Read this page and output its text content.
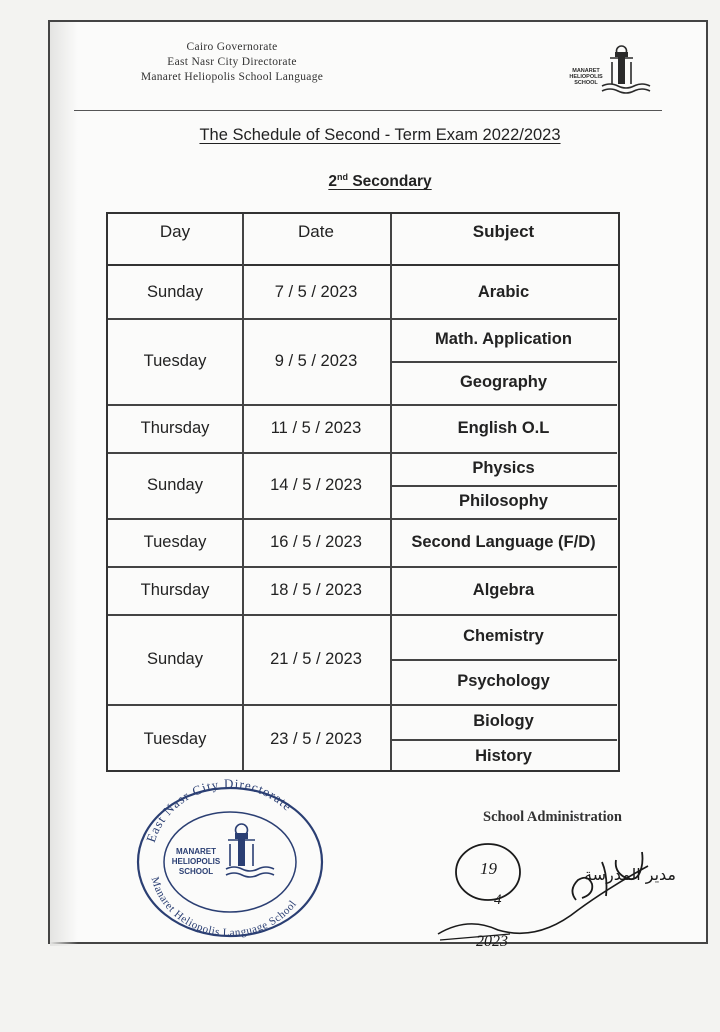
Cairo Governorate
East Nasr City Directorate
Manaret Heliopolis School Language	MANARET
HELIOPOLIS
SCHOOL
The Schedule of Second - Term Exam 2022/2023
2nd Secondary
Day	Date	Subject
Sunday	7 / 5 / 2023	Arabic
Tuesday	9 / 5 / 2023
Math. Application
Geography
Thursday	11 / 5 / 2023	English O.L
Sunday	14 / 5 / 2023
Physics
Philosophy
Tuesday	16 / 5 / 2023	Second Language (F/D)
Thursday	18 / 5 / 2023	Algebra
Sunday	21 / 5 / 2023
Chemistry
Psychology
Tuesday	23 / 5 / 2023
Biology
History
East Nasr City Directorate
Manaret Heliopolis Language School
MANARET
HELIOPOLIS
SCHOOL
School Administration
19
4
2023
مدير المدرسة
